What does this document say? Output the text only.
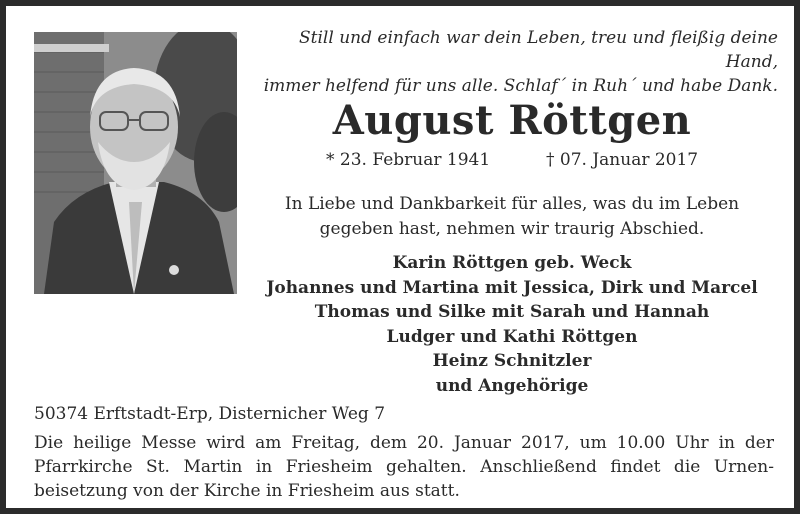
Still und einfach war dein Leben, treu und fleißig deine Hand,
immer helfend für uns alle. Schlaf´ in Ruh´ und habe Dank.
August Röttgen
* 23. Februar 1941	† 07. Januar 2017
In Liebe und Dankbarkeit für alles, was du im Leben
gegeben hast, nehmen wir traurig Abschied.
Karin Röttgen geb. Weck
Johannes und Martina mit Jessica, Dirk und Marcel
Thomas und Silke mit Sarah und Hannah
Ludger und Kathi Röttgen
Heinz Schnitzler
und Angehörige
50374 Erftstadt-Erp, Disternicher Weg 7
Die heilige Messe wird am Freitag, dem 20. Januar 2017, um 10.00 Uhr in der
Pfarrkirche St. Martin in Friesheim gehalten. Anschließend findet die Urnen-
beisetzung von der Kirche in Friesheim aus statt.
